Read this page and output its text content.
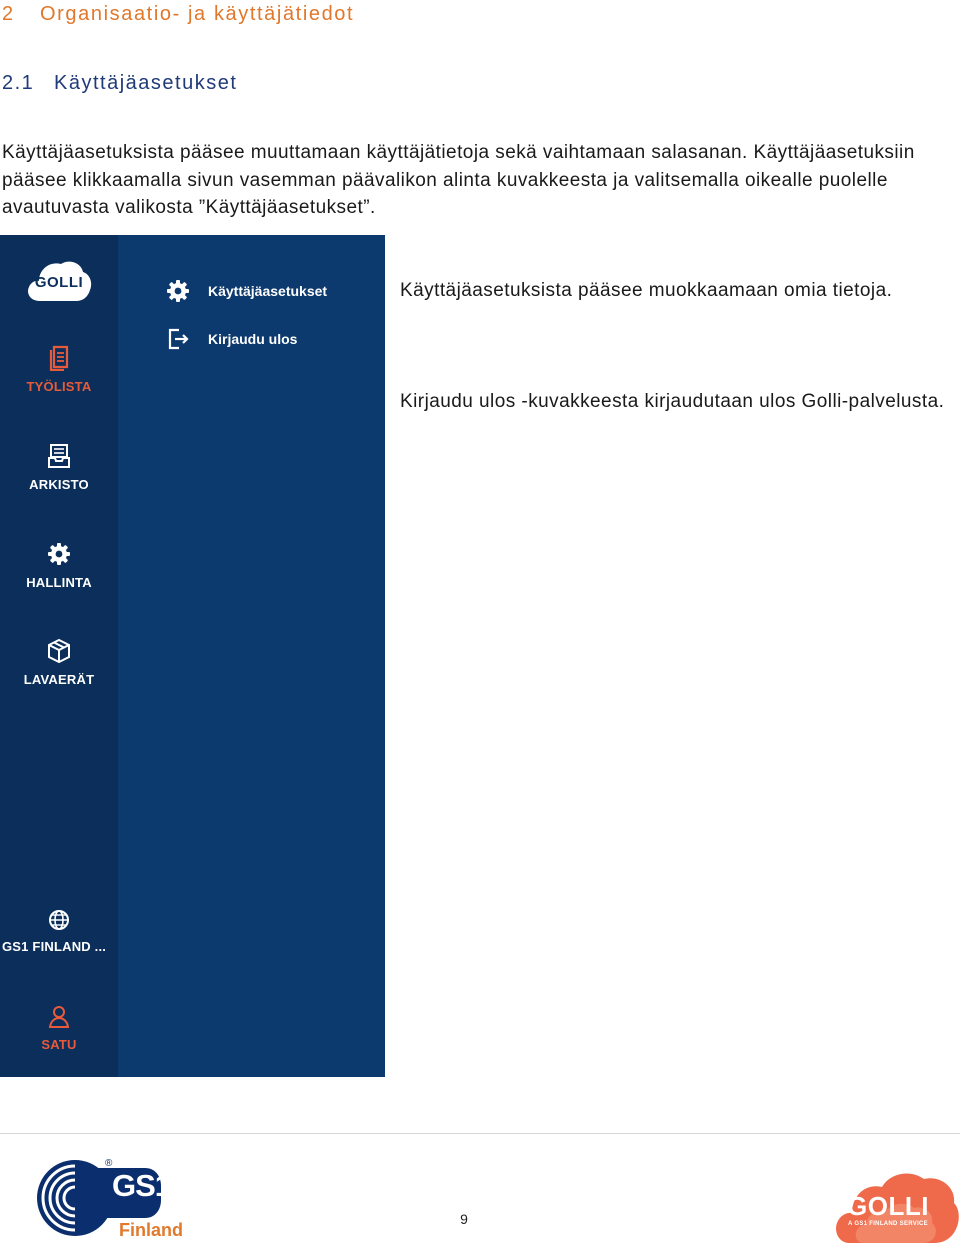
2 Organisaatio- ja käyttäjätiedot
2.1 Käyttäjäasetukset

Käyttäjäasetuksista pääsee muuttamaan käyttäjätietoja sekä vaihtamaan salasanan. Käyttäjäasetuksiin pääsee klikkaamalla sivun vasemman päävalikon alinta kuvakkeesta ja valitsemalla oikealle puolelle avautuvasta valikosta ”Käyttäjäasetukset”.

GOLLI
TYÖLISTA
ARKISTO
HALLINTA
LAVAERÄT
GS1 FINLAND ...
SATU
Käyttäjäasetukset
Kirjaudu ulos

Käyttäjäasetuksista pääsee muokkaamaan omia tietoja.

Kirjaudu ulos -kuvakkeesta kirjaudutaan ulos Golli-palvelusta.

®
GS1
Finland
9	GOLLI
A GS1 FINLAND SERVICE
